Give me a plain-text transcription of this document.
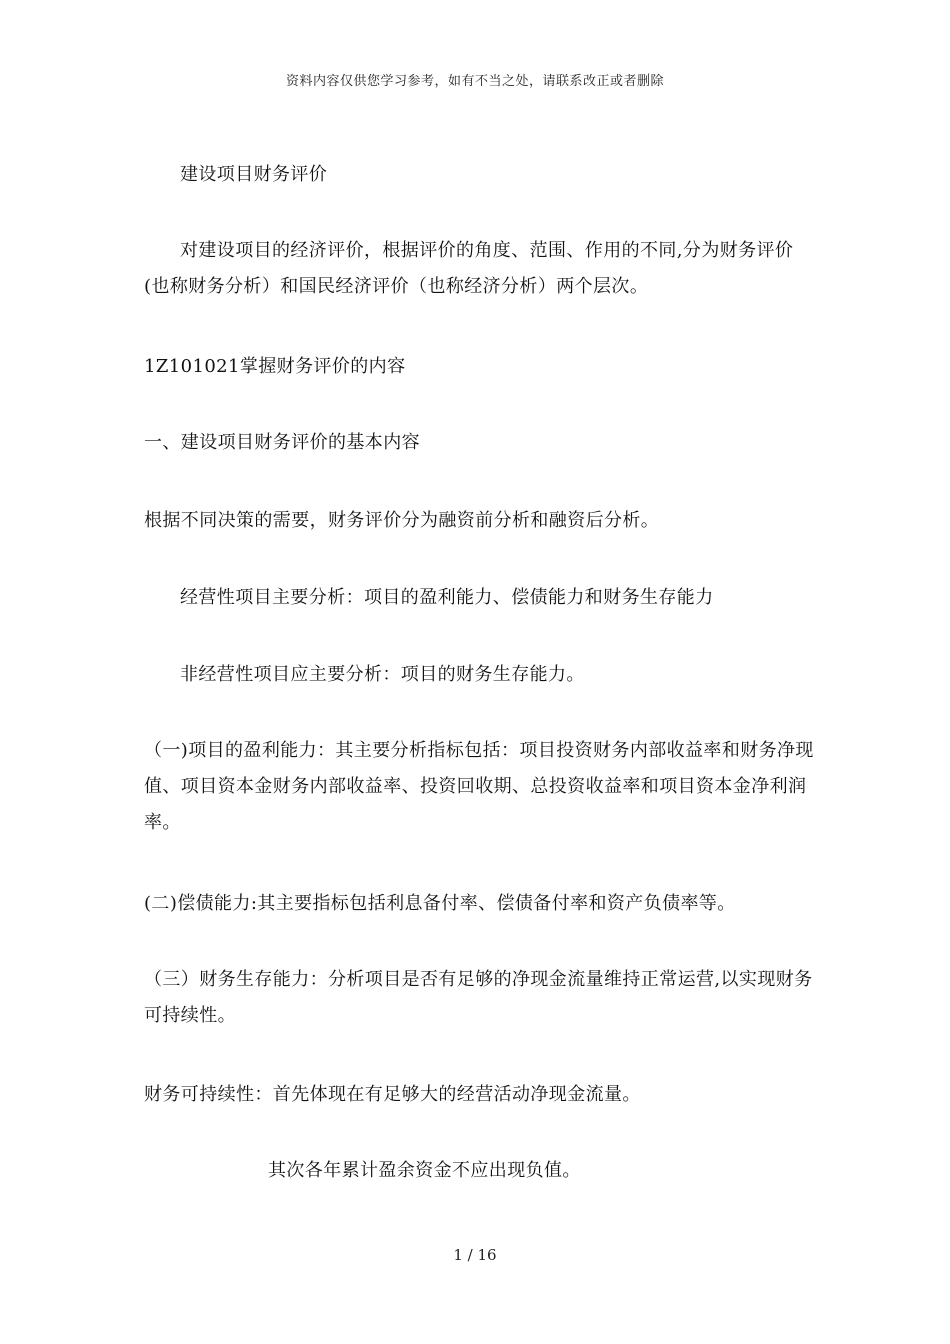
资料内容仅供您学习参考，如有不当之处，请联系改正或者删除
建设项目财务评价
对建设项目的经济评价，根据评价的角度、范围、作用的不同,分为财务评价(也称财务分析）和国民经济评价（也称经济分析）两个层次。
1Z101021掌握财务评价的内容
一、建设项目财务评价的基本内容
根据不同决策的需要，财务评价分为融资前分析和融资后分析。
经营性项目主要分析：项目的盈利能力、偿债能力和财务生存能力
非经营性项目应主要分析：项目的财务生存能力。
（一)项目的盈利能力：其主要分析指标包括：项目投资财务内部收益率和财务净现值、项目资本金财务内部收益率、投资回收期、总投资收益率和项目资本金净利润率。
(二)偿债能力:其主要指标包括利息备付率、偿债备付率和资产负债率等。
（三）财务生存能力：分析项目是否有足够的净现金流量维持正常运营,以实现财务可持续性。
财务可持续性：首先体现在有足够大的经营活动净现金流量。
其次各年累计盈余资金不应出现负值。
1 / 16
